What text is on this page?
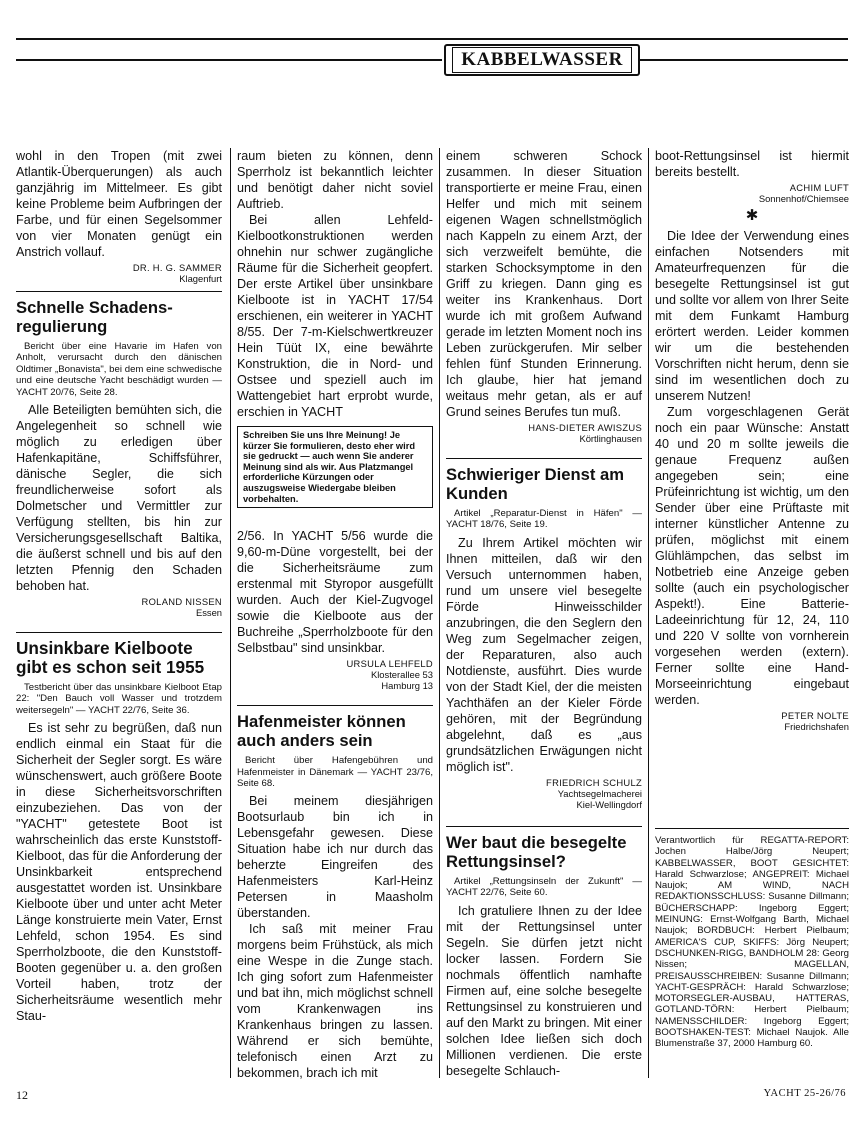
KABBELWASSER

wohl in den Tropen (mit zwei Atlantik-Überquerungen) als auch ganzjährig im Mittelmeer. Es gibt keine Probleme beim Aufbringen der Farbe, und für einen Segelsommer von vier Monaten genügt ein Anstrich vollauf.

DR. H. G. SAMMER
Klagenfurt

Schnelle Schadens-regulierung

Bericht über eine Havarie im Hafen von Anholt, verursacht durch den dänischen Oldtimer „Bonavista", bei dem eine schwedische und eine deutsche Yacht beschädigt wurden — YACHT 20/76, Seite 28.

Alle Beteiligten bemühten sich, die Angelegenheit so schnell wie möglich zu erledigen über Hafenkapitäne, Schiffsführer, dänische Segler, die sich freundlicherweise sofort als Dolmetscher und Vermittler zur Verfügung stellten, bis hin zur Versicherungsgesellschaft Baltika, die äußerst schnell und bis auf den letzten Pfennig den Schaden behoben hat.

ROLAND NISSEN
Essen

Unsinkbare Kielboote gibt es schon seit 1955

Testbericht über das unsinkbare Kielboot Etap 22: "Den Bauch voll Wasser und trotzdem weitersegeln" — YACHT 22/76, Seite 36.

Es ist sehr zu begrüßen, daß nun endlich einmal ein Staat für die Sicherheit der Segler sorgt. Es wäre wünschenswert, auch größere Boote in diese Sicherheitsvorschriften einzubeziehen. Das von der "YACHT" getestete Boot ist wahrscheinlich das erste Kunststoff-Kielboot, das für die Anforderung der Unsinkbarkeit entsprechend ausgestattet worden ist. Unsinkbare Kielboote über und unter acht Meter Länge konstruierte mein Vater, Ernst Lehfeld, schon 1954. Es sind Sperrholzboote, die den Kunststoff-Booten gegenüber u. a. den großen Vorteil haben, trotz der Sicherheitsräume wesentlich mehr Stau-

raum bieten zu können, denn Sperrholz ist bekanntlich leichter und benötigt daher nicht soviel Auftrieb.

Bei allen Lehfeld-Kielbootkonstruktionen werden ohnehin nur schwer zugängliche Räume für die Sicherheit geopfert. Der erste Artikel über unsinkbare Kielboote ist in YACHT 17/54 erschienen, ein weiterer in YACHT 8/55. Der 7-m-Kielschwertkreuzer Hein Tüüt IX, eine bewährte Konstruktion, die in Nord- und Ostsee und speziell auch im Wattengebiet hart erprobt wurde, erschien in YACHT

Schreiben Sie uns Ihre Meinung! Je kürzer Sie formulieren, desto eher wird sie gedruckt — auch wenn Sie anderer Meinung sind als wir. Aus Platzmangel erforderliche Kürzungen oder auszugsweise Wiedergabe bleiben vorbehalten.

2/56. In YACHT 5/56 wurde die 9,60-m-Düne vorgestellt, bei der die Sicherheitsräume zum erstenmal mit Styropor ausgefüllt wurden. Auch der Kiel-Zugvogel sowie die Kielboote aus der Buchreihe „Sperrholzboote für den Selbstbau" sind unsinkbar.

URSULA LEHFELD
Klosterallee 53
Hamburg 13

Hafenmeister können auch anders sein

Bericht über Hafengebühren und Hafenmeister in Dänemark — YACHT 23/76, Seite 68.

Bei meinem diesjährigen Bootsurlaub bin ich in Lebensgefahr gewesen. Diese Situation habe ich nur durch das beherzte Eingreifen des Hafenmeisters Karl-Heinz Petersen in Maasholm überstanden.

Ich saß mit meiner Frau morgens beim Frühstück, als mich eine Wespe in die Zunge stach. Ich ging sofort zum Hafenmeister und bat ihn, mich möglichst schnell vom Krankenwagen ins Krankenhaus bringen zu lassen. Während er sich bemühte, telefonisch einen Arzt zu bekommen, brach ich mit

einem schweren Schock zusammen. In dieser Situation transportierte er meine Frau, einen Helfer und mich mit seinem eigenen Wagen schnellstmöglich nach Kappeln zu einem Arzt, der sich verzweifelt bemühte, die starken Schocksymptome in den Griff zu kriegen. Dann ging es weiter ins Krankenhaus. Dort wurde ich mit großem Aufwand gerade im letzten Moment noch ins Leben zurückgerufen. Mir selber fehlen fünf Stunden Erinnerung. Ich glaube, hier hat jemand weitaus mehr getan, als er auf Grund seines Berufes tun muß.

HANS-DIETER AWISZUS
Körtlinghausen

Schwieriger Dienst am Kunden

Artikel „Reparatur-Dienst in Häfen" — YACHT 18/76, Seite 19.

Zu Ihrem Artikel möchten wir Ihnen mitteilen, daß wir den Versuch unternommen haben, rund um unsere viel besegelte Förde Hinweisschilder anzubringen, die den Seglern den Weg zum Segelmacher zeigen, der Reparaturen, also auch Notdienste, ausführt. Dies wurde von der Stadt Kiel, der die meisten Yachthäfen an der Kieler Förde gehören, mit der Begründung abgelehnt, daß es „aus grundsätzlichen Erwägungen nicht möglich ist".

FRIEDRICH SCHULZ
Yachtsegelmacherei
Kiel-Wellingdorf

Wer baut die besegelte Rettungsinsel?

Artikel „Rettungsinseln der Zukunft" — YACHT 22/76, Seite 60.

Ich gratuliere Ihnen zu der Idee mit der Rettungsinsel unter Segeln. Sie dürfen jetzt nicht locker lassen. Fordern Sie nochmals öffentlich namhafte Firmen auf, eine solche besegelte Rettungsinsel zu konstruieren und auf den Markt zu bringen. Mit einer solchen Idee ließen sich doch Millionen verdienen. Die erste besegelte Schlauch-

boot-Rettungsinsel ist hiermit bereits bestellt.

ACHIM LUFT
Sonnenhof/Chiemsee

✱

Die Idee der Verwendung eines einfachen Notsenders mit Amateurfrequenzen für die besegelte Rettungsinsel ist gut und sollte vor allem von Ihrer Seite mit dem Funkamt Hamburg erörtert werden. Leider kommen wir um die bestehenden Vorschriften nicht herum, denn sie sind im wesentlichen doch zu unserem Nutzen!

Zum vorgeschlagenen Gerät noch ein paar Wünsche: Anstatt 40 und 20 m sollte jeweils die genaue Frequenz außen angegeben sein; eine Prüfeinrichtung ist wichtig, um den Sender über eine Prüftaste mit interner künstlicher Antenne zu prüfen, möglichst mit einem Glühlämpchen, das selbst im Notbetrieb eine Anzeige geben sollte (auch ein psychologischer Aspekt!). Eine Batterie-Ladeeinrichtung für 12, 24, 110 und 220 V sollte von vornherein vorgesehen werden (extern). Ferner sollte eine Hand-Morseeinrichtung eingebaut werden.

PETER NOLTE
Friedrichshafen

Verantwortlich für REGATTA-REPORT: Jochen Halbe/Jörg Neupert; KABBELWASSER, BOOT GESICHTET: Harald Schwarzlose; ANGEPREIT: Michael Naujok; AM WIND, NACH REDAKTIONSSCHLUSS: Susanne Dillmann; BÜCHERSCHAPP: Ingeborg Eggert; MEINUNG: Ernst-Wolfgang Barth, Michael Naujok; BORDBUCH: Herbert Pielbaum; AMERICA'S CUP, SKIFFS: Jörg Neupert; DSCHUNKEN-RIGG, BANDHOLM 28: Georg Nissen; MAGELLAN, PREISAUSSCHREIBEN: Susanne Dillmann; YACHT-GESPRÄCH: Harald Schwarzlose; MOTORSEGLER-AUSBAU, HATTERAS, GOTLAND-TÖRN: Herbert Pielbaum; NAMENSSCHILDER: Ingeborg Eggert; BOOTSHAKEN-TEST: Michael Naujok. Alle Blumenstraße 37, 2000 Hamburg 60.

12	YACHT 25-26/76
